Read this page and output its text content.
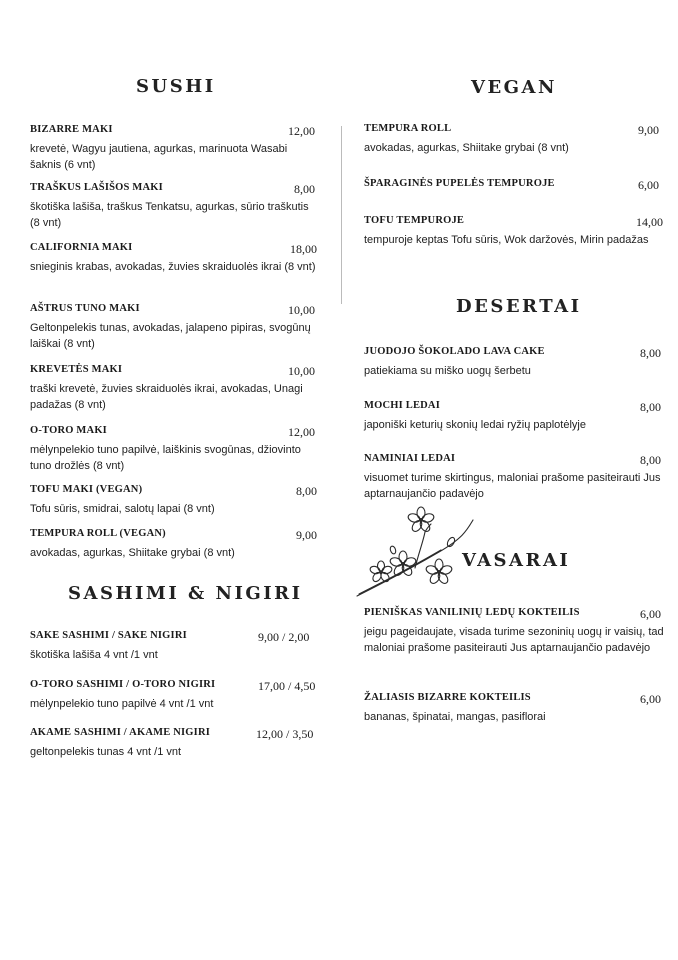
SUSHI
BIZARRE MAKI	12,00
krevetė, Wagyu jautiena, agurkas, marinuota Wasabi šaknis (6 vnt)
TRAŠKUS LAŠIŠOS MAKI	8,00
škotiška lašiša, traškus Tenkatsu, agurkas, sūrio traškutis (8 vnt)
CALIFORNIA MAKI	18,00
snieginis krabas, avokadas, žuvies skraiduolės ikrai (8 vnt)
AŠTRUS TUNO MAKI	10,00
Geltonpelekis tunas, avokadas, jalapeno pipiras, svogūnų laiškai (8 vnt)
KREVETĖS MAKI	10,00
traški krevetė, žuvies skraiduolės ikrai, avokadas, Unagi padažas (8 vnt)
O-TORO MAKI	12,00
mėlynpelekio tuno papilvė, laiškinis svogūnas, džiovinto tuno drožlės (8 vnt)
TOFU MAKI (VEGAN)	8,00
Tofu sūris, smidrai, salotų lapai (8 vnt)
TEMPURA ROLL (VEGAN)	9,00
avokadas, agurkas, Shiitake grybai (8 vnt)
SASHIMI & NIGIRI
SAKE SASHIMI / SAKE NIGIRI	9,00 / 2,00
škotiška lašiša 4 vnt /1 vnt
O-TORO SASHIMI / O-TORO NIGIRI	17,00 / 4,50
mėlynpelekio tuno papilvė 4 vnt /1 vnt
AKAME SASHIMI / AKAME NIGIRI	12,00 / 3,50
geltonpelekis tunas 4 vnt /1 vnt
VEGAN
TEMPURA ROLL	9,00
avokadas, agurkas, Shiitake grybai (8 vnt)
ŠPARAGINĖS PUPELĖS TEMPUROJE	6,00
TOFU TEMPUROJE	14,00
tempuroje keptas Tofu sūris, Wok daržovės, Mirin padažas
DESERTAI
JUODOJO ŠOKOLADO LAVA CAKE	8,00
patiekiama su miško uogų šerbetu
MOCHI LEDAI	8,00
japoniški keturių skonių ledai ryžių paplotėlyje
NAMINIAI LEDAI	8,00
visuomet turime skirtingus, maloniai prašome pasiteirauti Jus aptarnaujančio padavėjo
VASARAI
PIENIŠKAS VANILINIŲ LEDŲ KOKTEILIS	6,00
jeigu pageidaujate, visada turime sezoninių uogų ir vaisių, tad maloniai prašome pasiteirauti Jus aptarnaujančio padavėjo
ŽALIASIS BIZARRE KOKTEILIS	6,00
bananas, špinatai, mangas, pasiflorai
